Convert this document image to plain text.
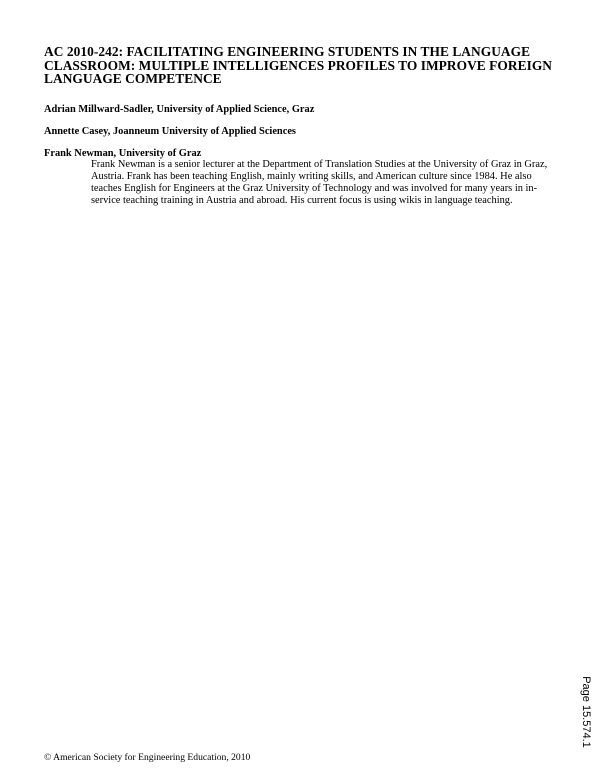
AC 2010-242: FACILITATING ENGINEERING STUDENTS IN THE LANGUAGE CLASSROOM: MULTIPLE INTELLIGENCES PROFILES TO IMPROVE FOREIGN LANGUAGE COMPETENCE

Adrian Millward-Sadler, University of Applied Science, Graz

Annette Casey, Joanneum University of Applied Sciences

Frank Newman, University of Graz

Frank Newman is a senior lecturer at the Department of Translation Studies at the University of Graz in Graz, Austria. Frank has been teaching English, mainly writing skills, and American culture since 1984. He also teaches English for Engineers at the Graz University of Technology and was involved for many years in in-service teaching training in Austria and abroad. His current focus is using wikis in language teaching.

© American Society for Engineering Education, 2010

Page 15.574.1
